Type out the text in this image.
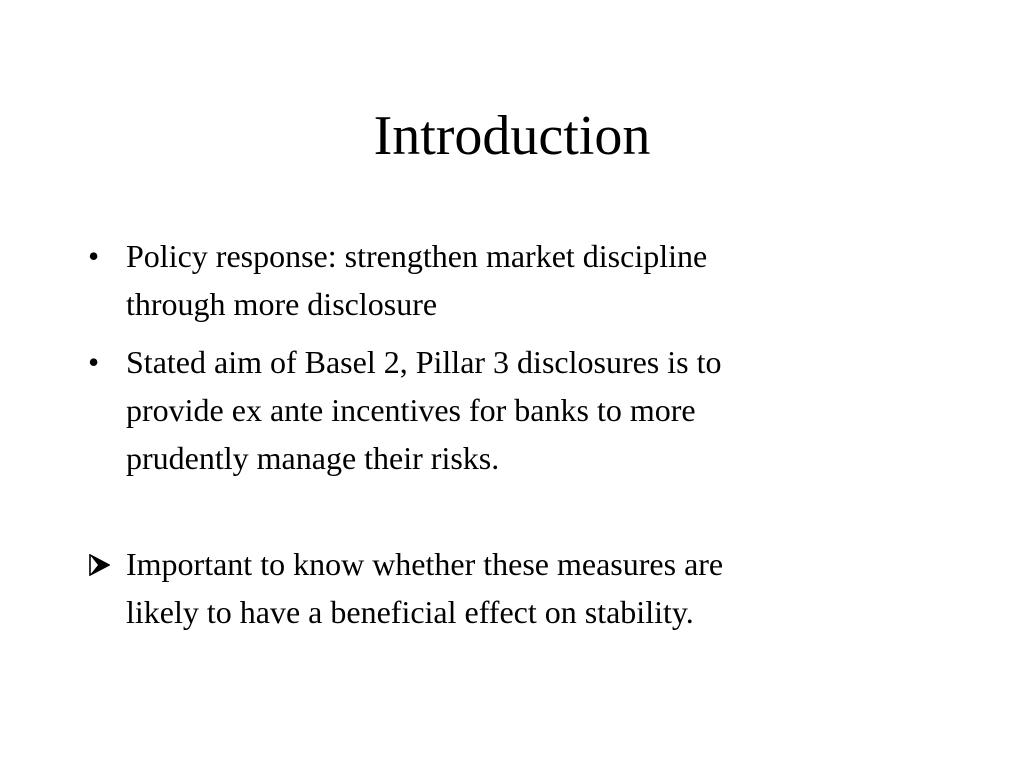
Introduction
• Policy response: strengthen market discipline
through more disclosure
• Stated aim of Basel 2, Pillar 3 disclosures is to
provide ex ante incentives for banks to more
prudently manage their risks.
Important to know whether these measures are
likely to have a beneficial effect on stability.
